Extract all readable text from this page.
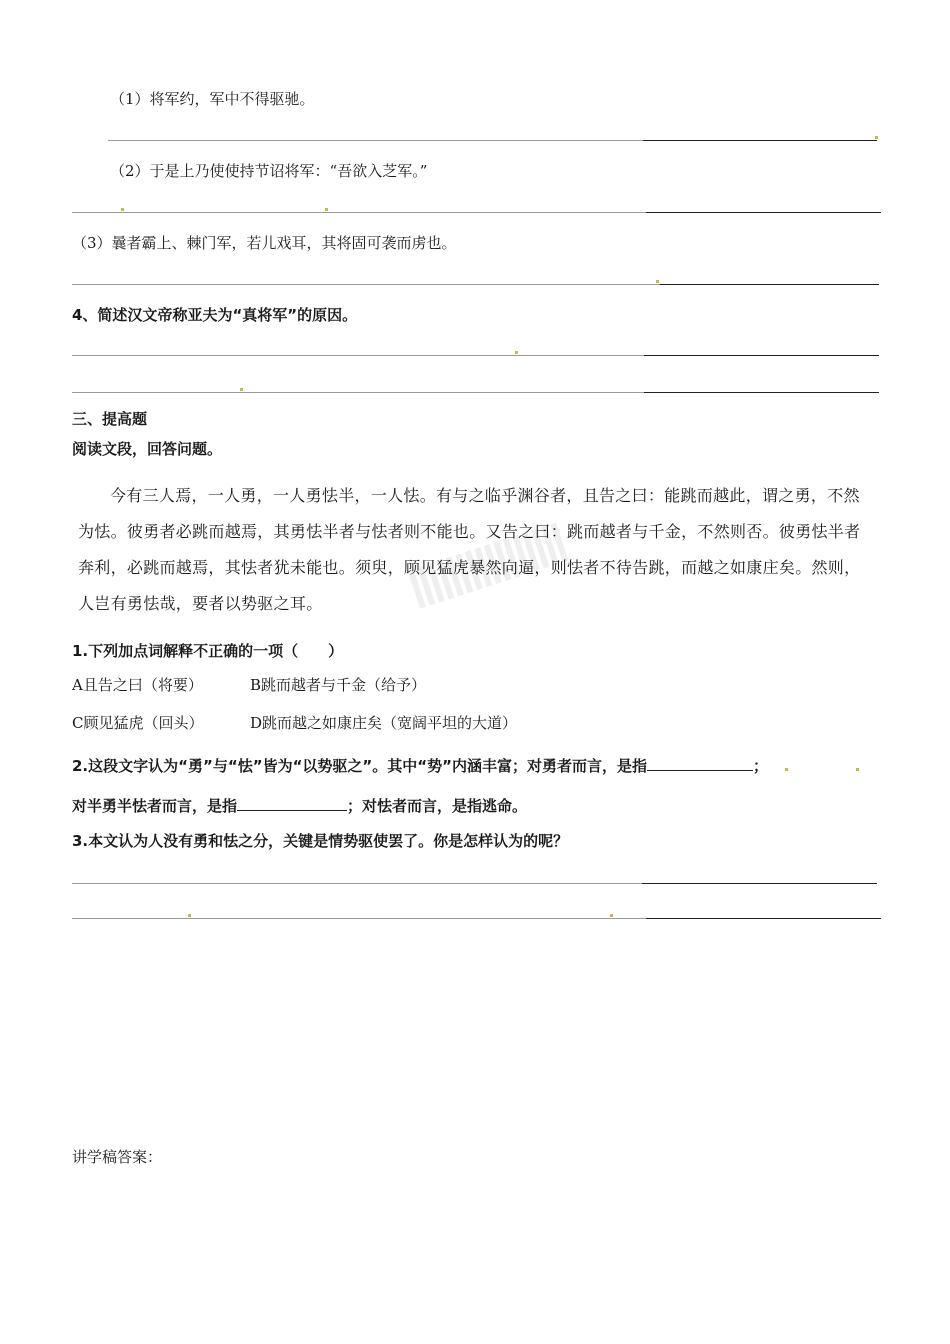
（1）将军约，军中不得驱驰。
（2）于是上乃使使持节诏将军：“吾欲入芝军。”
（3）曩者霸上、棘门军，若儿戏耳，其将固可袭而虏也。
4、简述汉文帝称亚夫为“真将军”的原因。
三、提高题
阅读文段，回答问题。
今有三人焉，一人勇，一人勇怯半，一人怯。有与之临乎渊谷者，且告之曰：能跳而越此，谓之勇，不然
为怯。彼勇者必跳而越焉，其勇怯半者与怯者则不能也。又告之曰：跳而越者与千金，不然则否。彼勇怯半者
奔利，必跳而越焉，其怯者犹未能也。须臾，顾见猛虎暴然向逼，则怯者不待告跳，而越之如康庄矣。然则，
人岂有勇怯哉，要者以势驱之耳。
1.下列加点词解释不正确的一项（　　）
A且告之曰（将要）	B跳而越者与千金（给予）
C顾见猛虎（回头）	D跳而越之如康庄矣（宽阔平坦的大道）
2.这段文字认为“勇”与“怯”皆为“以势驱之”。其中“势”内涵丰富；对勇者而言，是指	；
对半勇半怯者而言，是指	；对怯者而言，是指逃命。
3.本文认为人没有勇和怯之分，关键是情势驱使罢了。你是怎样认为的呢？
讲学稿答案：
